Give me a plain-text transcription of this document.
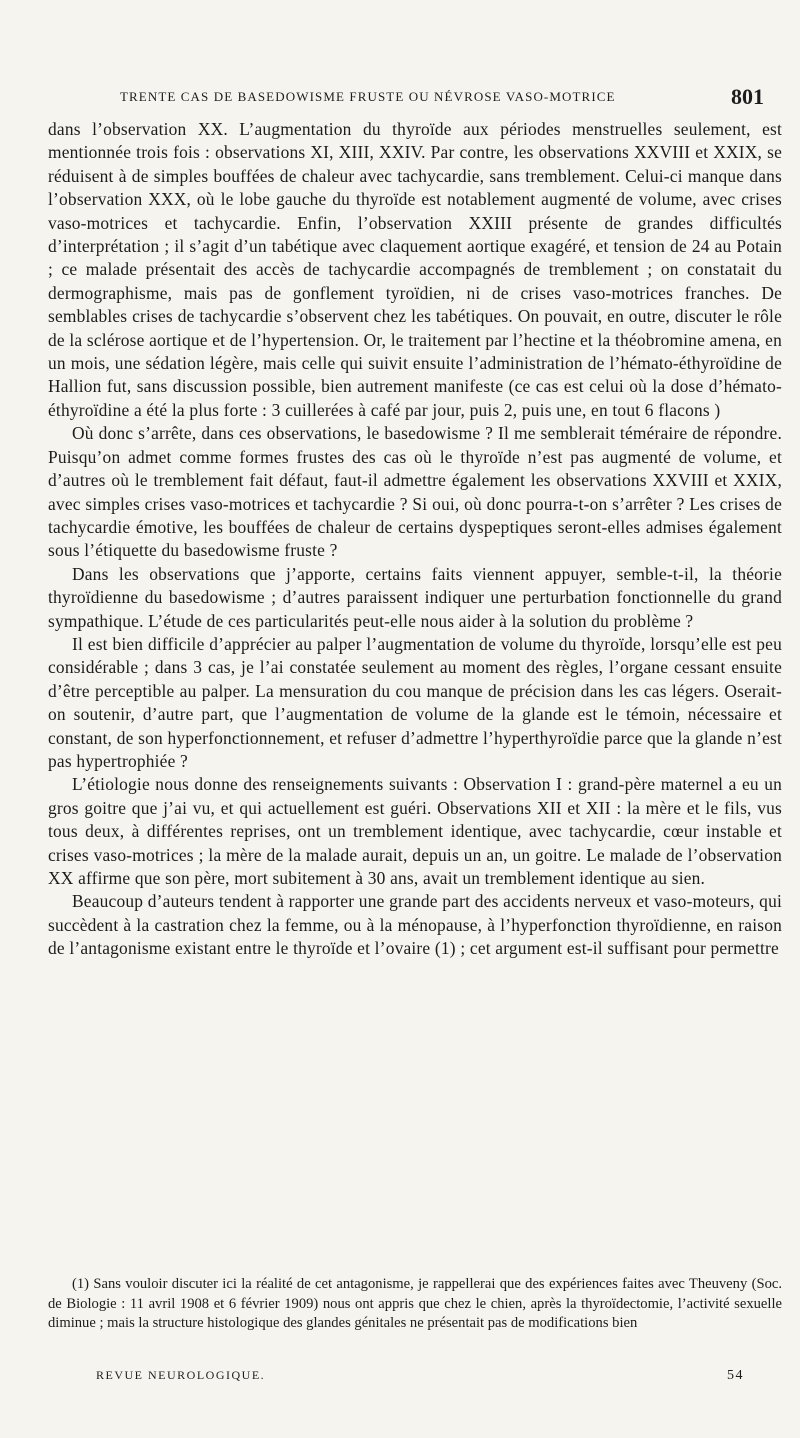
TRENTE CAS DE BASEDOWISME FRUSTE OU NÉVROSE VASO-MOTRICE	801

dans l’observation XX. L’augmentation du thyroïde aux périodes menstruelles seulement, est mentionnée trois fois : observations XI, XIII, XXIV. Par contre, les observations XXVIII et XXIX, se réduisent à de simples bouffées de chaleur avec tachycardie, sans tremblement. Celui-ci manque dans l’observation XXX, où le lobe gauche du thyroïde est notablement augmenté de volume, avec crises vaso-motrices et tachycardie. Enfin, l’observation XXIII présente de grandes difficultés d’interprétation ; il s’agit d’un tabétique avec claquement aortique exagéré, et tension de 24 au Potain ; ce malade présentait des accès de tachycardie accompagnés de tremblement ; on constatait du dermographisme, mais pas de gonflement tyroïdien, ni de crises vaso-motrices franches. De semblables crises de tachycardie s’observent chez les tabétiques. On pouvait, en outre, discuter le rôle de la sclérose aortique et de l’hypertension. Or, le traitement par l’hectine et la théobromine amena, en un mois, une sédation légère, mais celle qui suivit ensuite l’administration de l’hémato-éthyroïdine de Hallion fut, sans discussion possible, bien autrement manifeste (ce cas est celui où la dose d’hémato-éthyroïdine a été la plus forte : 3 cuillerées à café par jour, puis 2, puis une, en tout 6 flacons )

Où donc s’arrête, dans ces observations, le basedowisme ? Il me semblerait téméraire de répondre. Puisqu’on admet comme formes frustes des cas où le thyroïde n’est pas augmenté de volume, et d’autres où le tremblement fait défaut, faut-il admettre également les observations XXVIII et XXIX, avec simples crises vaso-motrices et tachycardie ? Si oui, où donc pourra-t-on s’arrêter ? Les crises de tachycardie émotive, les bouffées de chaleur de certains dyspeptiques seront-elles admises également sous l’étiquette du basedowisme fruste ?

Dans les observations que j’apporte, certains faits viennent appuyer, semble-t-il, la théorie thyroïdienne du basedowisme ; d’autres paraissent indiquer une perturbation fonctionnelle du grand sympathique. L’étude de ces particularités peut-elle nous aider à la solution du problème ?

Il est bien difficile d’apprécier au palper l’augmentation de volume du thyroïde, lorsqu’elle est peu considérable ; dans 3 cas, je l’ai constatée seulement au moment des règles, l’organe cessant ensuite d’être perceptible au palper. La mensuration du cou manque de précision dans les cas légers. Oserait-on soutenir, d’autre part, que l’augmentation de volume de la glande est le témoin, nécessaire et constant, de son hyperfonctionnement, et refuser d’admettre l’hyperthyroïdie parce que la glande n’est pas hypertrophiée ?

L’étiologie nous donne des renseignements suivants : Observation I : grand-père maternel a eu un gros goitre que j’ai vu, et qui actuellement est guéri. Observations XII et XII : la mère et le fils, vus tous deux, à différentes reprises, ont un tremblement identique, avec tachycardie, cœur instable et crises vaso-motrices ; la mère de la malade aurait, depuis un an, un goitre. Le malade de l’observation XX affirme que son père, mort subitement à 30 ans, avait un tremblement identique au sien.

Beaucoup d’auteurs tendent à rapporter une grande part des accidents nerveux et vaso-moteurs, qui succèdent à la castration chez la femme, ou à la ménopause, à l’hyperfonction thyroïdienne, en raison de l’antagonisme existant entre le thyroïde et l’ovaire (1) ; cet argument est-il suffisant pour permettre

(1) Sans vouloir discuter ici la réalité de cet antagonisme, je rappellerai que des expériences faites avec Theuveny (Soc. de Biologie : 11 avril 1908 et 6 février 1909) nous ont appris que chez le chien, après la thyroïdectomie, l’activité sexuelle diminue ; mais la structure histologique des glandes génitales ne présentait pas de modifications bien

REVUE NEUROLOGIQUE.	54
